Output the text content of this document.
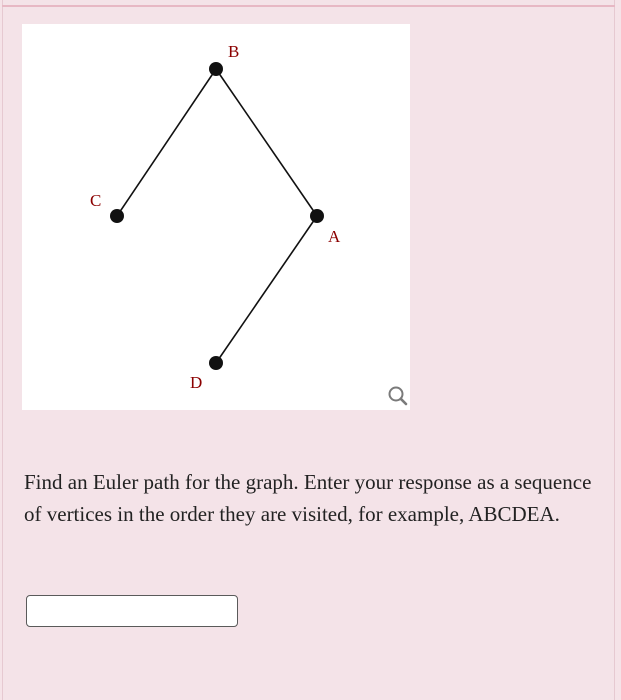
B
C
A
D

Find an Euler path for the graph. Enter your response as a sequence of vertices in the order they are visited, for example, ABCDEA.
